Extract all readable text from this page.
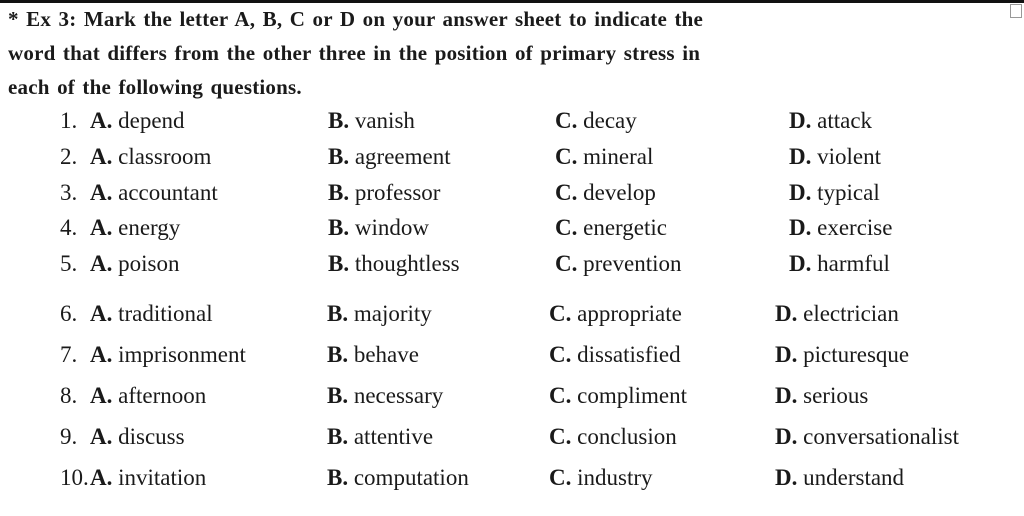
* Ex 3: Mark the letter A, B, C or D on your answer sheet to indicate the
word that differs from the other three in the position of primary stress in
each of the following questions.
1. A. depend	B. vanish	C. decay	D. attack
2. A. classroom	B. agreement	C. mineral	D. violent
3. A. accountant	B. professor	C. develop	D. typical
4. A. energy	B. window	C. energetic	D. exercise
5. A. poison	B. thoughtless	C. prevention	D. harmful
6. A. traditional	B. majority	C. appropriate	D. electrician
7. A. imprisonment	B. behave	C. dissatisfied	D. picturesque
8. A. afternoon	B. necessary	C. compliment	D. serious
9. A. discuss	B. attentive	C. conclusion	D. conversationalist
10. A. invitation	B. computation	C. industry	D. understand
